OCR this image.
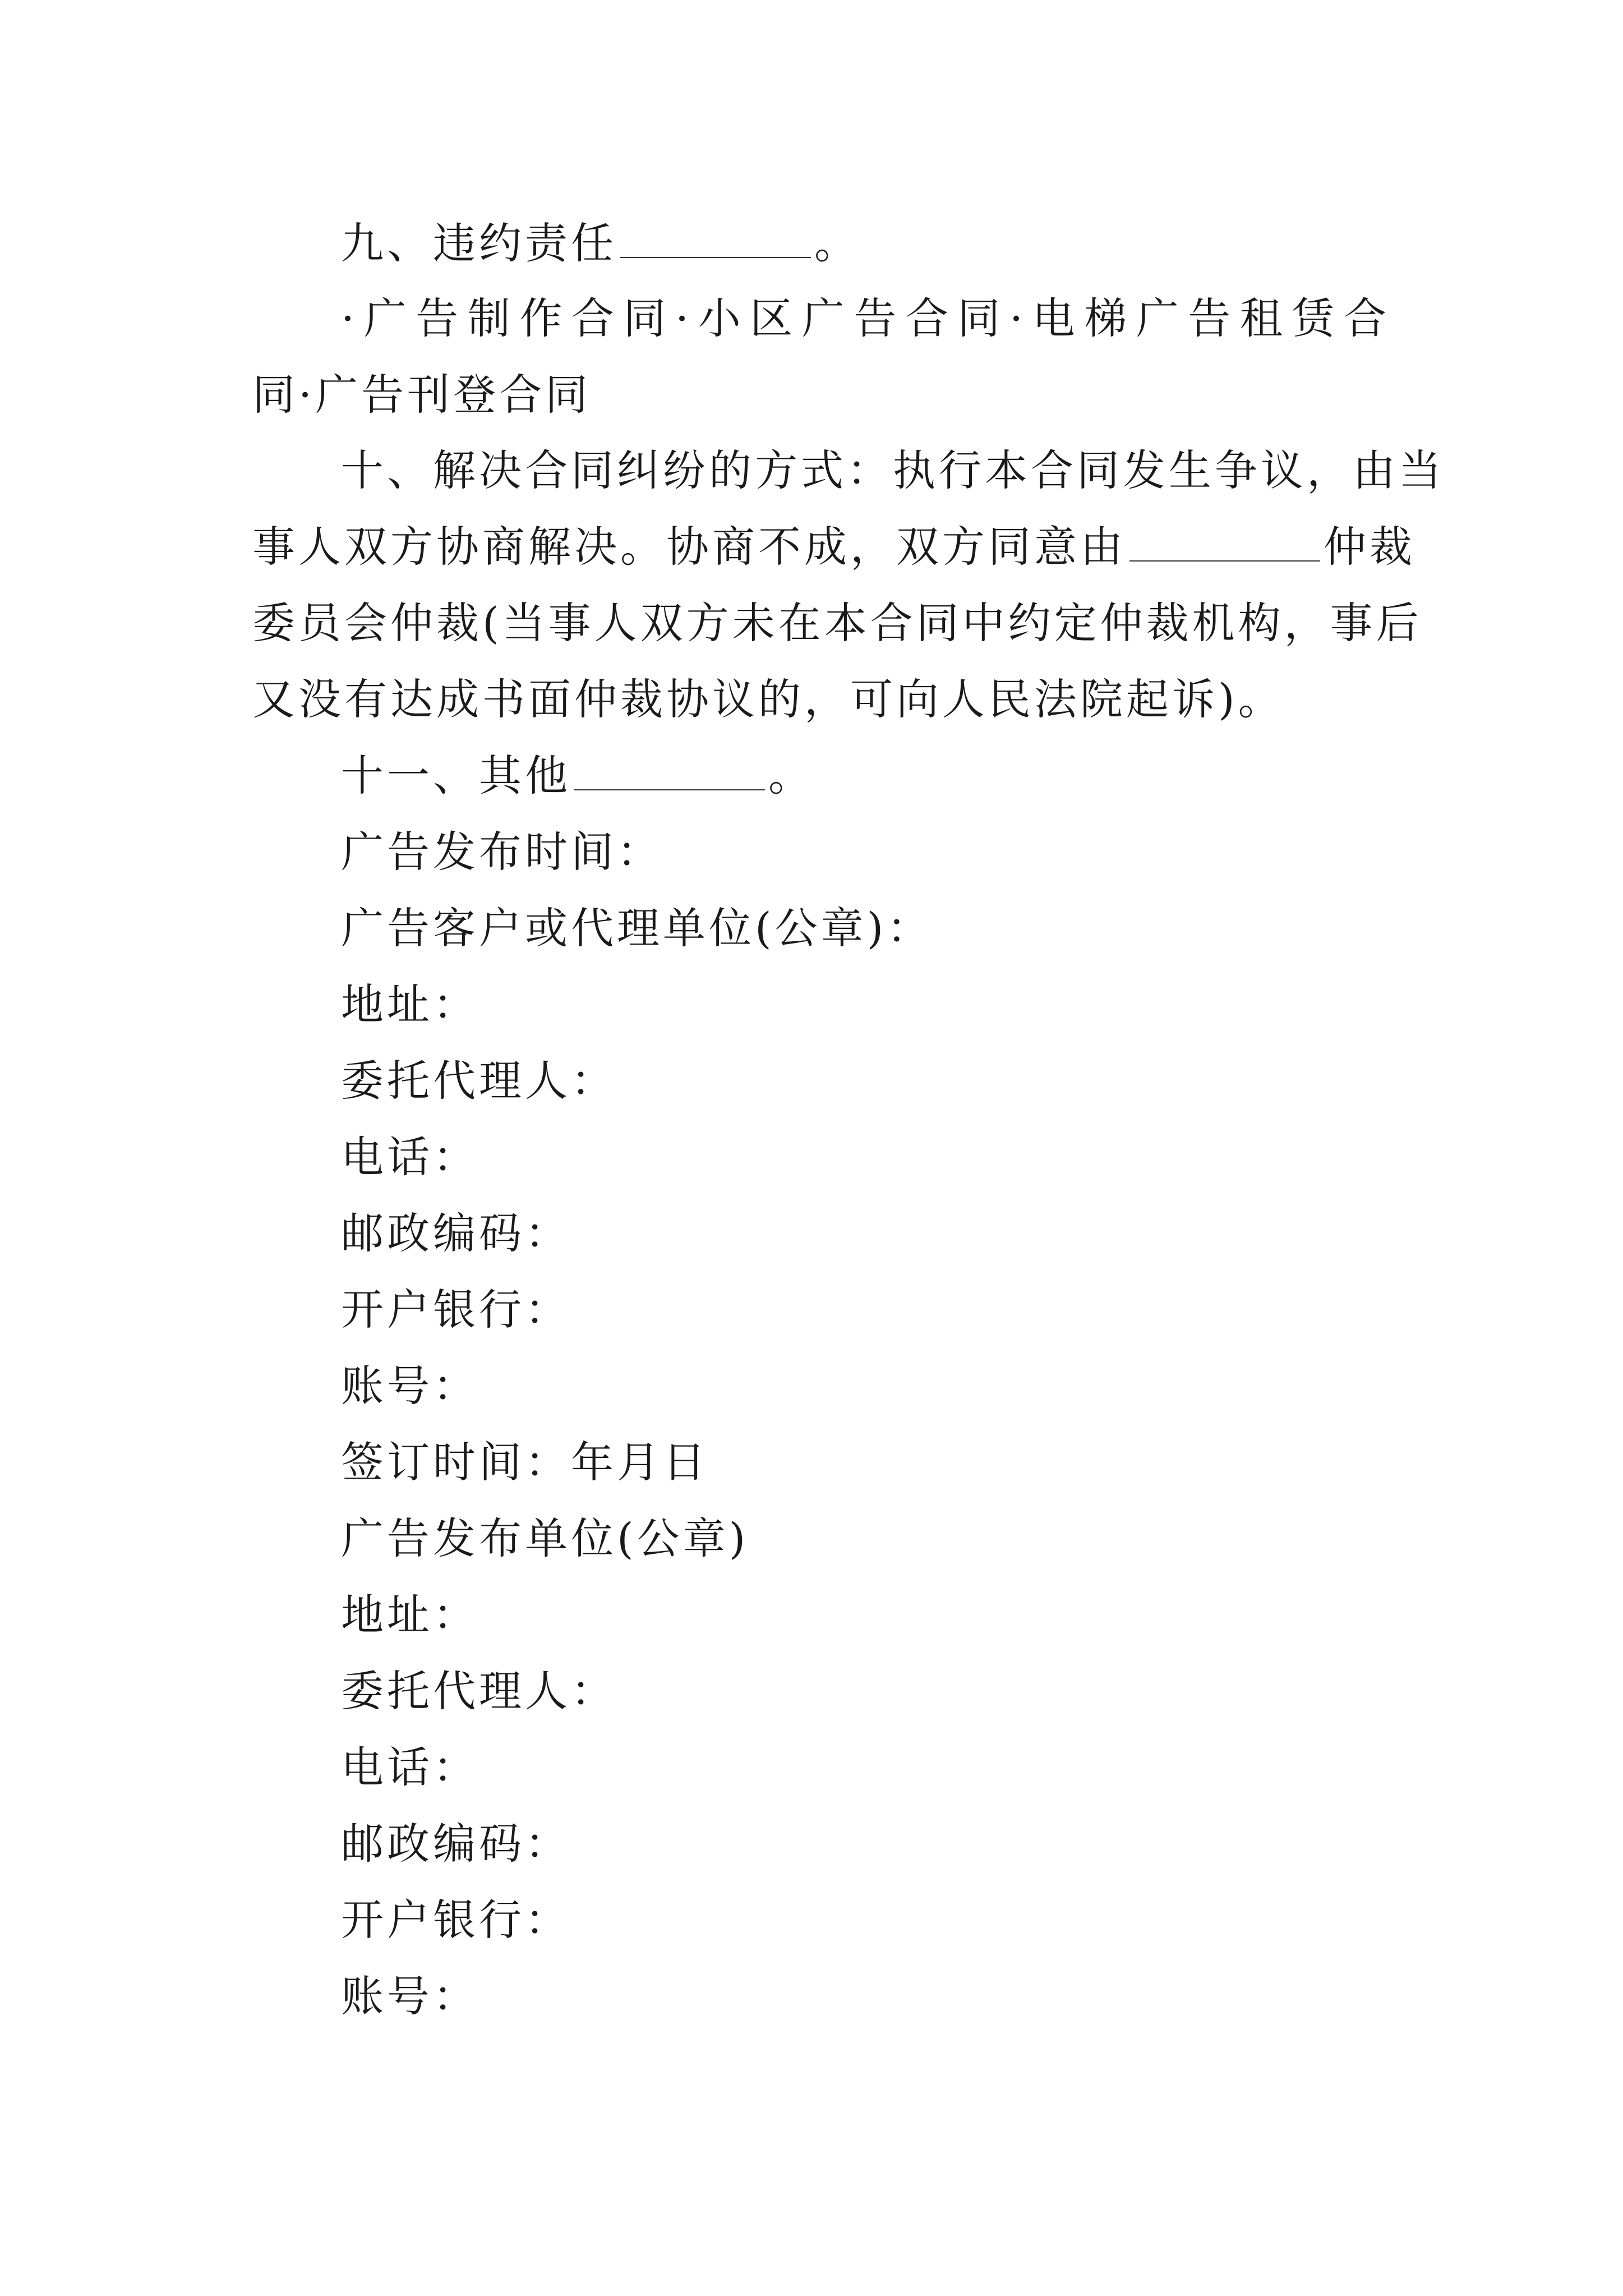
九、违约责任	。
·广告制作合同·小区广告合同·电梯广告租赁合
同·广告刊登合同
十、解决合同纠纷的方式：执行本合同发生争议，由当
事人双方协商解决。协商不成，双方同意由	仲裁
委员会仲裁(当事人双方未在本合同中约定仲裁机构，事后
又没有达成书面仲裁协议的，可向人民法院起诉)。
十一、其他	。
广告发布时间：
广告客户或代理单位(公章)：
地址：
委托代理人：
电话：
邮政编码：
开户银行：
账号：
签订时间：年月日
广告发布单位(公章)
地址：
委托代理人：
电话：
邮政编码：
开户银行：
账号：
